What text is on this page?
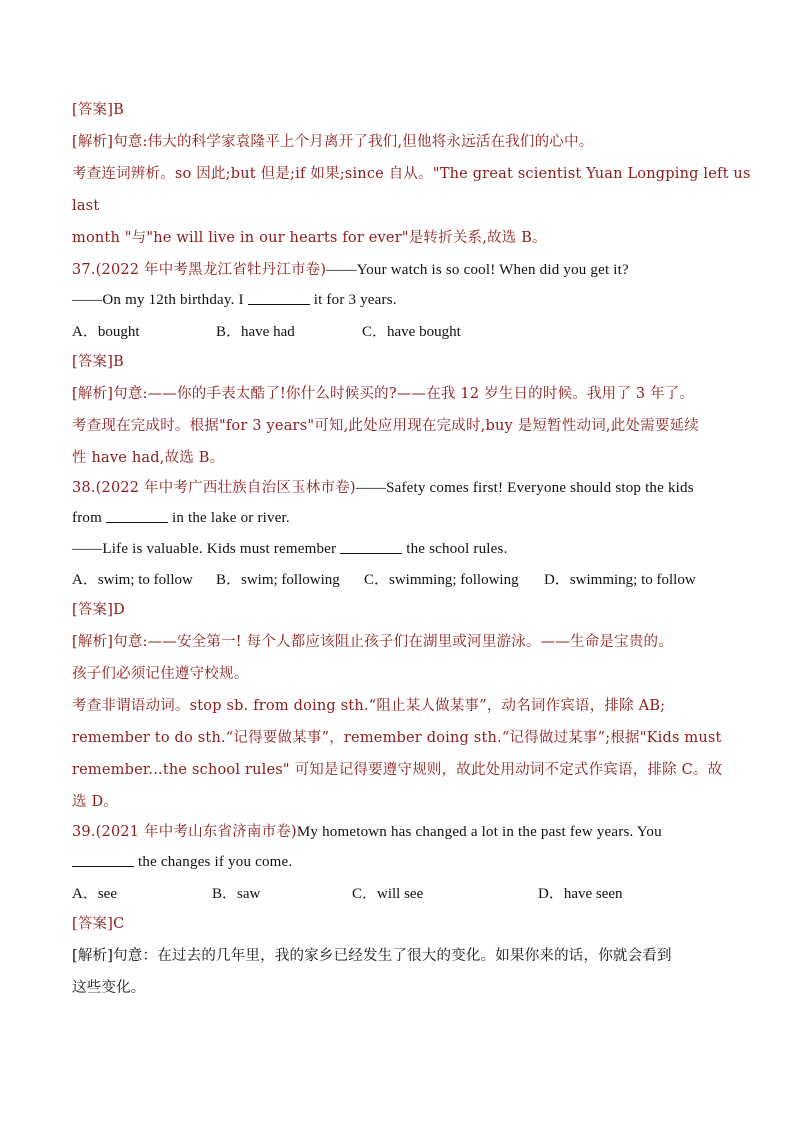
[答案]B
[解析]句意:伟大的科学家袁隆平上个月离开了我们,但他将永远活在我们的心中。
考查连词辨析。so 因此;but 但是;if 如果;since 自从。"The great scientist Yuan Longping left us
last
month "与"he will live in our hearts for ever"是转折关系,故选 B。
37.(2022 年中考黑龙江省牡丹江市卷)——Your watch is so cool! When did you get it?
——On my 12th birthday. I	it for 3 years.
A．bought	B．have had	C．have bought
[答案]B
[解析]句意:——你的手表太酷了!你什么时候买的?——在我 12 岁生日的时候。我用了 3 年了。
考查现在完成时。根据"for 3 years"可知,此处应用现在完成时,buy 是短暂性动词,此处需要延续
性 have had,故选 B。
38.(2022 年中考广西壮族自治区玉林市卷)——Safety comes first! Everyone should stop the kids
from	in the lake or river.
——Life is valuable. Kids must remember	the school rules.
A．swim; to follow B．swim; following C．swimming; following D．swimming; to follow
[答案]D
[解析]句意:——安全第一! 每个人都应该阻止孩子们在湖里或河里游泳。——生命是宝贵的。
孩子们必须记住遵守校规。
考查非谓语动词。stop sb. from doing sth.“阻止某人做某事”，动名词作宾语，排除 AB;
remember to do sth.“记得要做某事”，remember doing sth.“记得做过某事”;根据"Kids must
remember...the school rules" 可知是记得要遵守规则，故此处用动词不定式作宾语，排除 C。故
选 D。
39.(2021 年中考山东省济南市卷)My hometown has changed a lot in the past few years. You
the changes if you come.
A．see	B．saw	C．will see	D．have seen
[答案]C
[解析]句意：在过去的几年里，我的家乡已经发生了很大的变化。如果你来的话，你就会看到
这些变化。
